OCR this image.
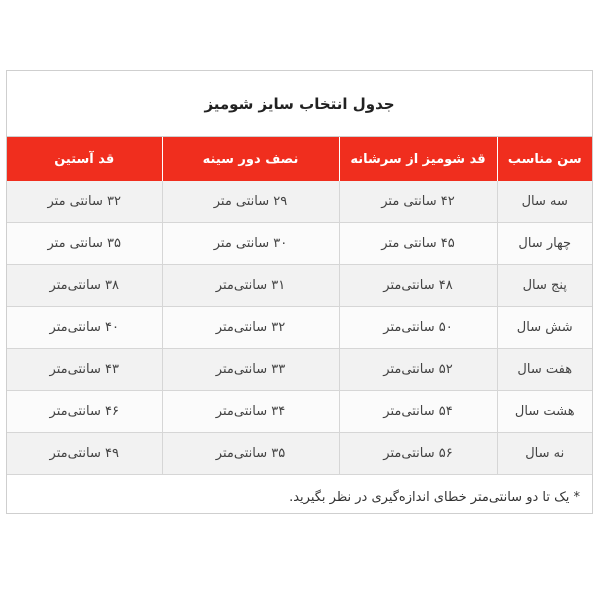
جدول انتخاب سایز شومیز
سن مناسب	قد شومیز از سرشانه	نصف دور سینه	قد آستین
سه سال	۴۲ سانتی متر	۲۹ سانتی متر	۳۲ سانتی متر
چهار سال	۴۵ سانتی متر	۳۰ سانتی متر	۳۵ سانتی متر
پنج سال	۴۸ سانتی‌متر	۳۱ سانتی‌متر	۳۸ سانتی‌متر
شش سال	۵۰ سانتی‌متر	۳۲ سانتی‌متر	۴۰ سانتی‌متر
هفت سال	۵۲ سانتی‌متر	۳۳ سانتی‌متر	۴۳ سانتی‌متر
هشت سال	۵۴ سانتی‌متر	۳۴ سانتی‌متر	۴۶ سانتی‌متر
نه سال	۵۶ سانتی‌متر	۳۵ سانتی‌متر	۴۹ سانتی‌متر
* یک تا دو سانتی‌متر خطای اندازه‌گیری در نظر بگیرید.
